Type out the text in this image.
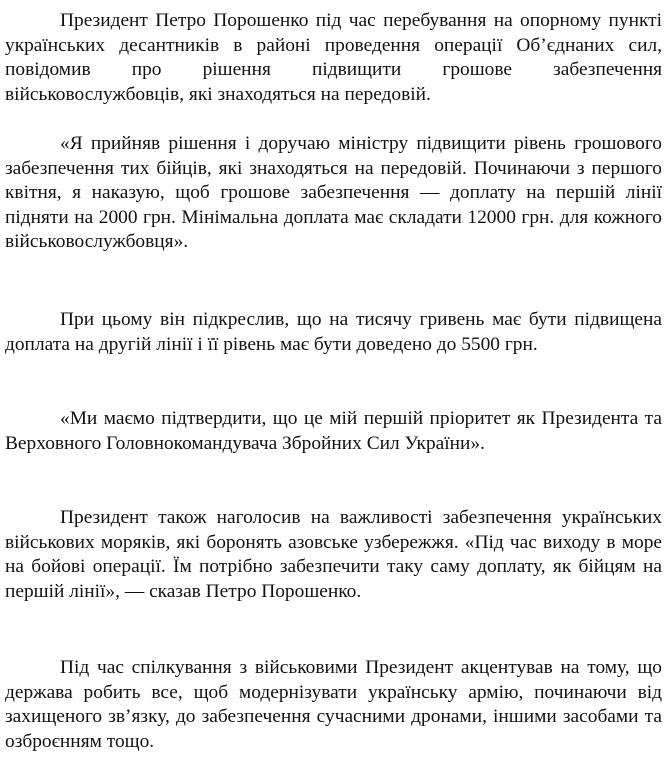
Президент Петро Порошенко під час перебування на опорному пункті українських десантників в районі проведення операції Об’єднаних сил, повідомив про рішення підвищити грошове забезпечення військовослужбовців, які знаходяться на передовій.

«Я прийняв рішення і доручаю міністру підвищити рівень грошового забезпечення тих бійців, які знаходяться на передовій. Починаючи з першого квітня, я наказую, щоб грошове забезпечення — доплату на першій лінії підняти на 2000 грн. Мінімальна доплата має складати 12000 грн. для кожного військовослужбовця».

При цьому він підкреслив, що на тисячу гривень має бути підвищена доплата на другій лінії і її рівень має бути доведено до 5500 грн.

«Ми маємо підтвердити, що це мій першій пріоритет як Президента та Верховного Головнокомандувача Збройних Сил України».

Президент також наголосив на важливості забезпечення українських військових моряків, які боронять азовське узбережжя. «Під час виходу в море на бойові операції. Їм потрібно забезпечити таку саму доплату, як бійцям на першій лінії», — сказав Петро Порошенко.

Під час спілкування з військовими Президент акцентував на тому, що держава робить все, щоб модернізувати українську армію, починаючи від захищеного зв’язку, до забезпечення сучасними дронами, іншими засобами та озброєнням тощо.
